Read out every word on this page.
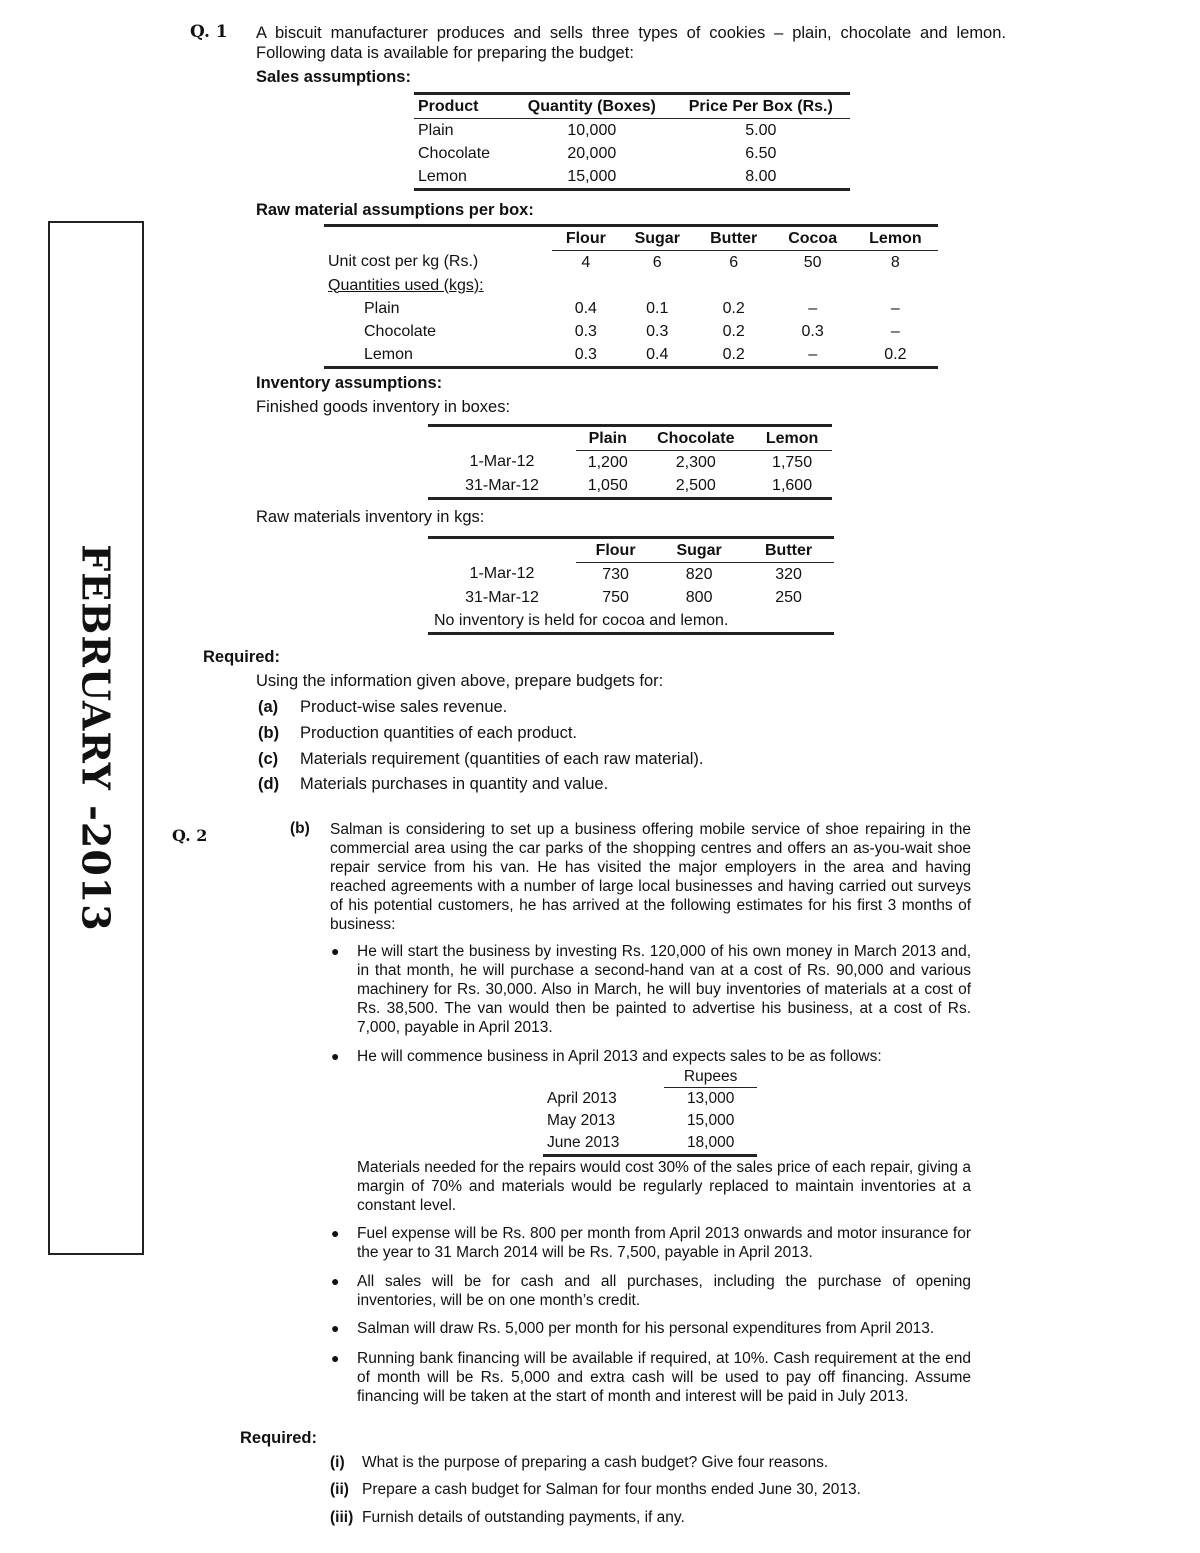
FEBRUARY -2013
Q. 1 A biscuit manufacturer produces and sells three types of cookies – plain, chocolate and lemon. Following data is available for preparing the budget:
Sales assumptions:
Product	Quantity (Boxes)	Price Per Box (Rs.)
Plain	10,000	5.00
Chocolate	20,000	6.50
Lemon	15,000	8.00
Raw material assumptions per box:
	Flour	Sugar	Butter	Cocoa	Lemon
Unit cost per kg (Rs.)	4	6	6	50	8
Quantities used (kgs):					
Plain	0.4	0.1	0.2	–	–
Chocolate	0.3	0.3	0.2	0.3	–
Lemon	0.3	0.4	0.2	–	0.2
Inventory assumptions:
Finished goods inventory in boxes:
	Plain	Chocolate	Lemon
1-Mar-12	1,200	2,300	1,750
31-Mar-12	1,050	2,500	1,600
Raw materials inventory in kgs:
	Flour	Sugar	Butter
1-Mar-12	730	820	320
31-Mar-12	750	800	250
No inventory is held for cocoa and lemon.			
Required:
Using the information given above, prepare budgets for:
(a) Product-wise sales revenue.
(b) Production quantities of each product.
(c) Materials requirement (quantities of each raw material).
(d) Materials purchases in quantity and value.
Q. 2	(b) Salman is considering to set up a business offering mobile service of shoe repairing in the commercial area using the car parks of the shopping centres and offers an as-you-wait shoe repair service from his van. He has visited the major employers in the area and having reached agreements with a number of large local businesses and having carried out surveys of his potential customers, he has arrived at the following estimates for his first 3 months of business:
● He will start the business by investing Rs. 120,000 of his own money in March 2013 and, in that month, he will purchase a second-hand van at a cost of Rs. 90,000 and various machinery for Rs. 30,000. Also in March, he will buy inventories of materials at a cost of Rs. 38,500. The van would then be painted to advertise his business, at a cost of Rs. 7,000, payable in April 2013.
● He will commence business in April 2013 and expects sales to be as follows:
	Rupees
April 2013	13,000
May 2013	15,000
June 2013	18,000
Materials needed for the repairs would cost 30% of the sales price of each repair, giving a margin of 70% and materials would be regularly replaced to maintain inventories at a constant level.
● Fuel expense will be Rs. 800 per month from April 2013 onwards and motor insurance for the year to 31 March 2014 will be Rs. 7,500, payable in April 2013.
● All sales will be for cash and all purchases, including the purchase of opening inventories, will be on one month’s credit.
● Salman will draw Rs. 5,000 per month for his personal expenditures from April 2013.
● Running bank financing will be available if required, at 10%. Cash requirement at the end of month will be Rs. 5,000 and extra cash will be used to pay off financing. Assume financing will be taken at the start of month and interest will be paid in July 2013.
Required:
(i) What is the purpose of preparing a cash budget? Give four reasons.
(ii) Prepare a cash budget for Salman for four months ended June 30, 2013.
(iii) Furnish details of outstanding payments, if any.
